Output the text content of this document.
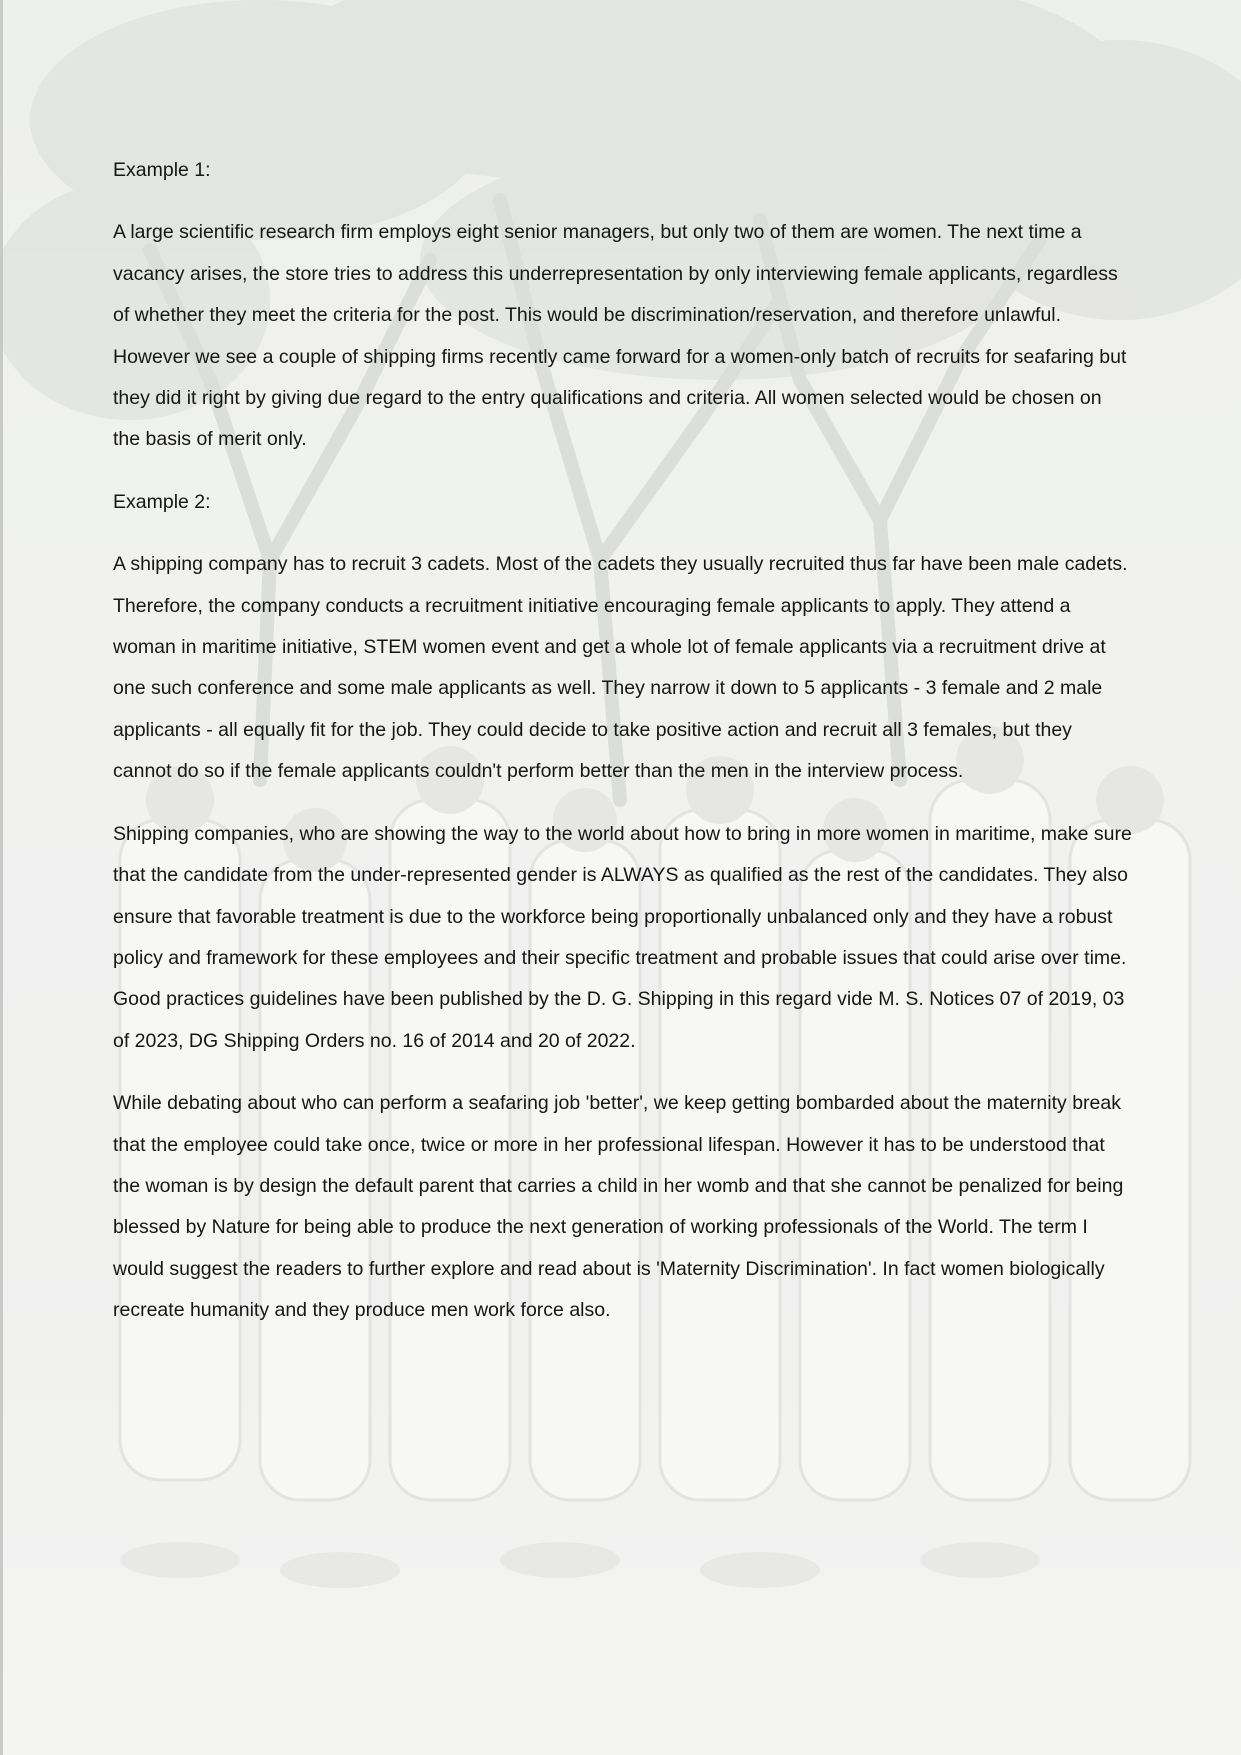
Example 1:

A large scientific research firm employs eight senior managers, but only two of them are women. The next time a vacancy arises, the store tries to address this underrepresentation by only interviewing female applicants, regardless of whether they meet the criteria for the post. This would be discrimination/reservation, and therefore unlawful. However we see a couple of shipping firms recently came forward for a women-only batch of recruits for seafaring but they did it right by giving due regard to the entry qualifications and criteria. All women selected would be chosen on the basis of merit only.

Example 2:

A shipping company has to recruit 3 cadets. Most of the cadets they usually recruited thus far have been male cadets. Therefore, the company conducts a recruitment initiative encouraging female applicants to apply. They attend a woman in maritime initiative, STEM women event and get a whole lot of female applicants via a recruitment drive at one such conference and some male applicants as well. They narrow it down to 5 applicants - 3 female and 2 male applicants - all equally fit for the job. They could decide to take positive action and recruit all 3 females, but they cannot do so if the female applicants couldn't perform better than the men in the interview process.

Shipping companies, who are showing the way to the world about how to bring in more women in maritime, make sure that the candidate from the under-represented gender is ALWAYS as qualified as the rest of the candidates. They also ensure that favorable treatment is due to the workforce being proportionally unbalanced only and they have a robust policy and framework for these employees and their specific treatment and probable issues that could arise over time. Good practices guidelines have been published by the D. G. Shipping in this regard vide M. S. Notices 07 of 2019, 03 of 2023, DG Shipping Orders no. 16 of 2014 and 20 of 2022.

While debating about who can perform a seafaring job 'better', we keep getting bombarded about the maternity break that the employee could take once, twice or more in her professional lifespan. However it has to be understood that the woman is by design the default parent that carries a child in her womb and that she cannot be penalized for being blessed by Nature for being able to produce the next generation of working professionals of the World. The term I would suggest the readers to further explore and read about is 'Maternity Discrimination'. In fact women biologically recreate humanity and they produce men work force also.
